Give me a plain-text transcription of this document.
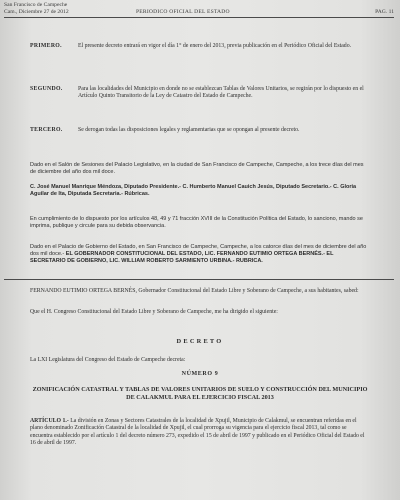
San Francisco de Campeche
Cam., Diciembre 27 de 2012	PERIODICO OFICIAL DEL ESTADO	PAG. 11
PRIMERO.	El presente decreto entrará en vigor el día 1° de enero del 2013, previa publicación en el Periódico Oficial del Estado.
SEGUNDO.	Para las localidades del Municipio en donde no se establezcan Tablas de Valores Unitarios, se regirán por lo dispuesto en el Artículo Quinto Transitorio de la Ley de Catastro del Estado de Campeche.
TERCERO.	Se derogan todas las disposiciones legales y reglamentarias que se opongan al presente decreto.
Dado en el Salón de Sesiones del Palacio Legislativo, en la ciudad de San Francisco de Campeche, Campeche, a los trece días del mes de diciembre del año dos mil doce.
C. José Manuel Manrique Méndoza, Diputado Presidente.- C. Humberto Manuel Cauich Jesús, Diputado Secretario.- C. Gloria Aguilar de Ita, Diputada Secretaria.- Rúbricas.
En cumplimiento de lo dispuesto por los artículos 48, 49 y 71 fracción XVIII de la Constitución Política del Estado, lo sanciono, mando se imprima, publique y circule para su debida observancia.
Dado en el Palacio de Gobierno del Estado, en San Francisco de Campeche, Campeche, a los catorce días del mes de diciembre del año dos mil doce.- EL GOBERNADOR CONSTITUCIONAL DEL ESTADO, LIC. FERNANDO EUTIMIO ORTEGA BERNÉS.- EL SECRETARIO DE GOBIERNO, LIC. WILLIAM ROBERTO SARMIENTO URBINA.- RUBRICA.
FERNANDO EUTIMIO ORTEGA BERNÉS, Gobernador Constitucional del Estado Libre y Soberano de Campeche, a sus habitantes, sabed:
Que el H. Congreso Constitucional del Estado Libre y Soberano de Campeche, me ha dirigido el siguiente:
DECRETO
La LXI Legislatura del Congreso del Estado de Campeche decreta:
NÚMERO 9
ZONIFICACIÓN CATASTRAL Y TABLAS DE VALORES UNITARIOS DE SUELO Y CONSTRUCCIÓN DEL MUNICIPIO DE CALAKMUL PARA EL EJERCICIO FISCAL 2013
ARTÍCULO 1.- La división en Zonas y Sectores Catastrales de la localidad de Xpujil, Municipio de Calakmul, se encuentran referidas en el plano denominado Zonificación Catastral de la localidad de Xpujil, el cual prorroga su vigencia para el ejercicio fiscal 2013, tal como se encuentra establecido por el artículo 1 del decreto número 273, expedido el 15 de abril de 1997 y publicado en el Periódico Oficial del Estado el 16 de abril de 1997.
